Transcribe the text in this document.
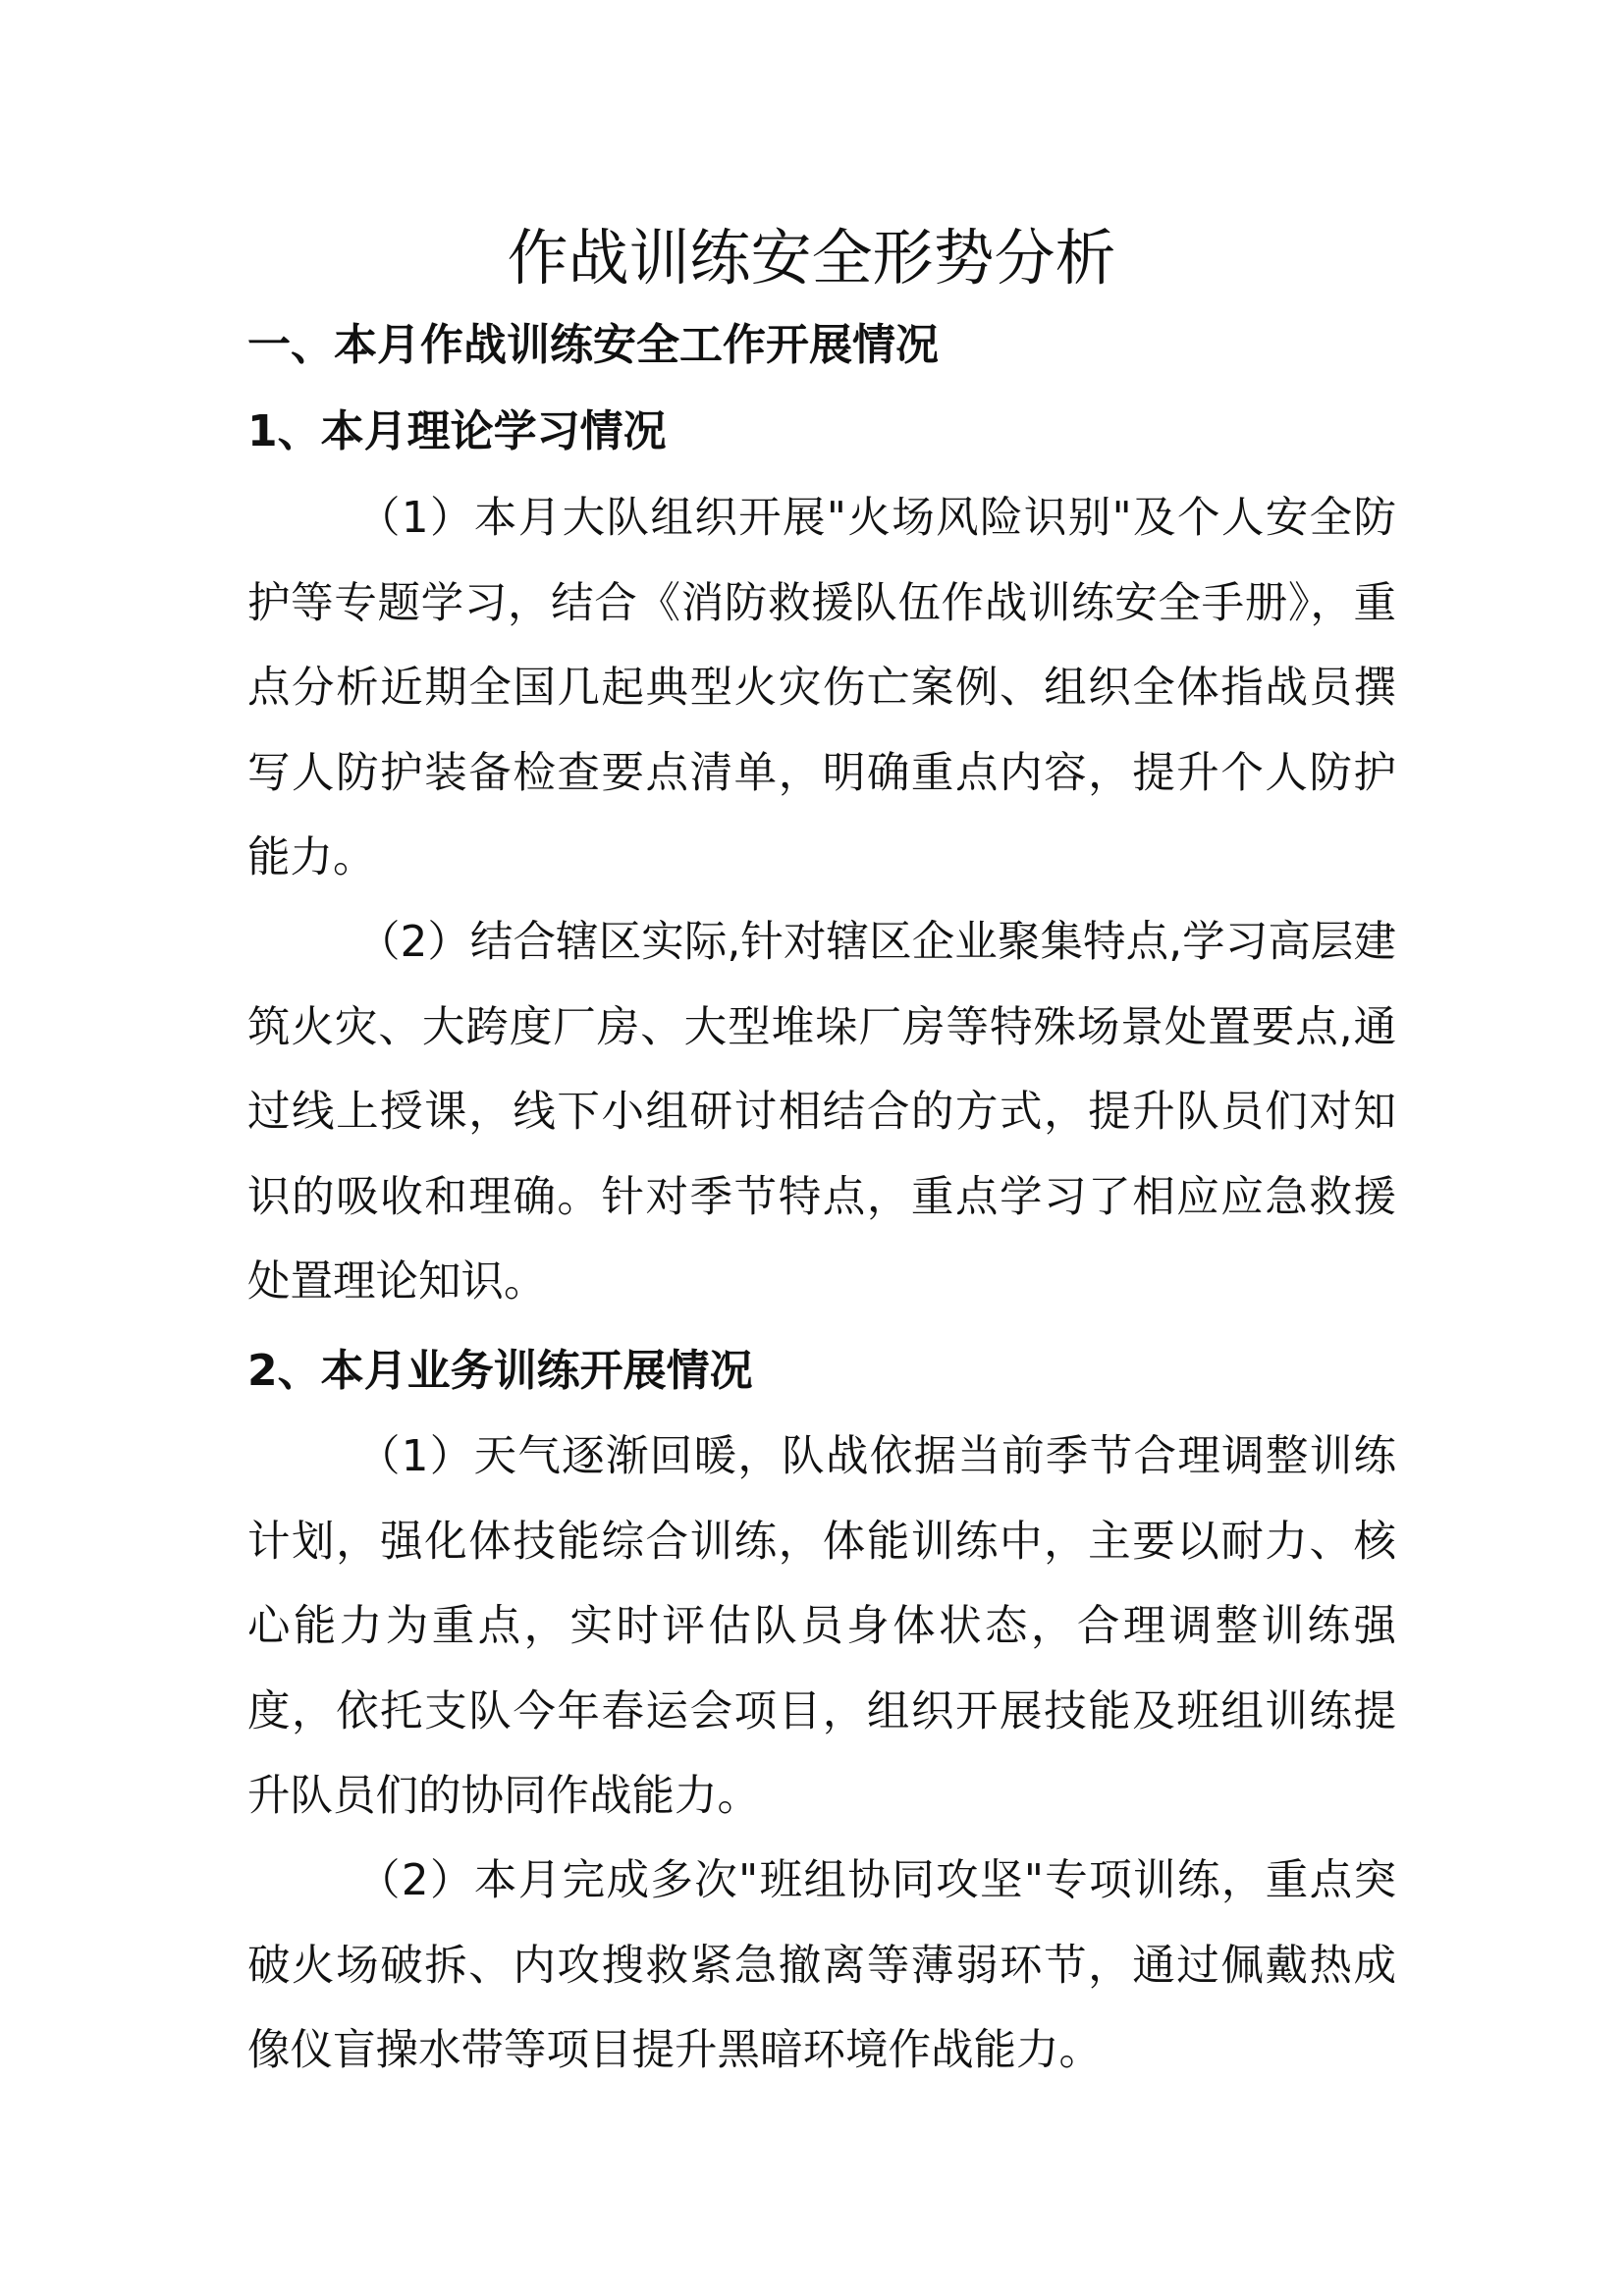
作战训练安全形势分析
一、本月作战训练安全工作开展情况
1、本月理论学习情况

（1）本月大队组织开展"火场风险识别"及个人安全防护等专题学习，结合《消防救援队伍作战训练安全手册》，重点分析近期全国几起典型火灾伤亡案例、组织全体指战员撰写人防护装备检查要点清单，明确重点内容，提升个人防护能力。

（2）结合辖区实际,针对辖区企业聚集特点,学习高层建筑火灾、大跨度厂房、大型堆垛厂房等特殊场景处置要点,通过线上授课，线下小组研讨相结合的方式，提升队员们对知识的吸收和理确。针对季节特点，重点学习了相应应急救援处置理论知识。

2、本月业务训练开展情况

（1）天气逐渐回暖，队战依据当前季节合理调整训练计划，强化体技能综合训练，体能训练中，主要以耐力、核心能力为重点，实时评估队员身体状态，合理调整训练强度，依托支队今年春运会项目，组织开展技能及班组训练提升队员们的协同作战能力。

（2）本月完成多次"班组协同攻坚"专项训练，重点突破火场破拆、内攻搜救紧急撤离等薄弱环节，通过佩戴热成像仪盲操水带等项目提升黑暗环境作战能力。
